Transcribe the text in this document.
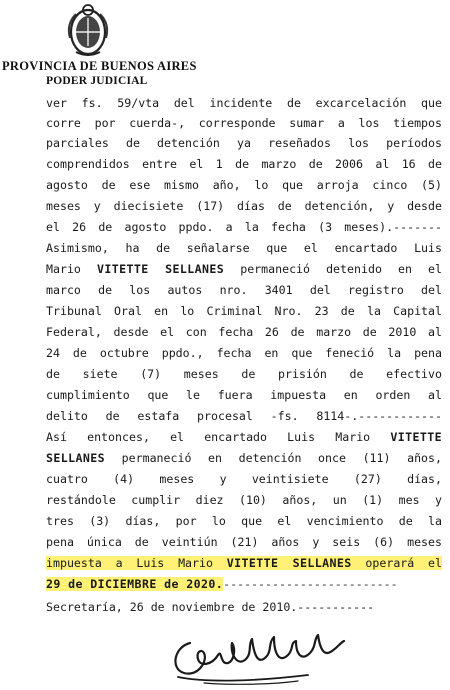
PROVINCIA DE BUENOS AIRES
PODER JUDICIAL
ver fs. 59/vta del incidente de excarcelación que
corre por cuerda-, corresponde sumar a los tiempos
parciales de detención ya reseñados los períodos
comprendidos entre el 1 de marzo de 2006 al 16 de
agosto de ese mismo año, lo que arroja cinco (5)
meses y diecisiete (17) días de detención, y desde
el 26 de agosto ppdo. a la fecha (3 meses).-------
Asimismo, ha de señalarse que el encartado Luis
Mario VITETTE SELLANES permaneció detenido en el
marco de los autos nro. 3401 del registro del
Tribunal Oral en lo Criminal Nro. 23 de la Capital
Federal, desde el con fecha 26 de marzo de 2010 al
24 de octubre ppdo., fecha en que feneció la pena
de siete (7) meses de prisión de efectivo
cumplimiento que le fuera impuesta en orden al
delito de estafa procesal -fs. 8114-.------------
Así entonces, el encartado Luis Mario VITETTE
SELLANES permaneció en detención once (11) años,
cuatro (4) meses y veintisiete (27) días,
restándole cumplir diez (10) años, un (1) mes y
tres (3) días, por lo que el vencimiento de la
pena única de veintiún (21) años y seis (6) meses
impuesta a Luis Mario VITETTE SELLANES operará el
29 de DICIEMBRE de 2020.-------------------------
Secretaría, 26 de noviembre de 2010.-----------
